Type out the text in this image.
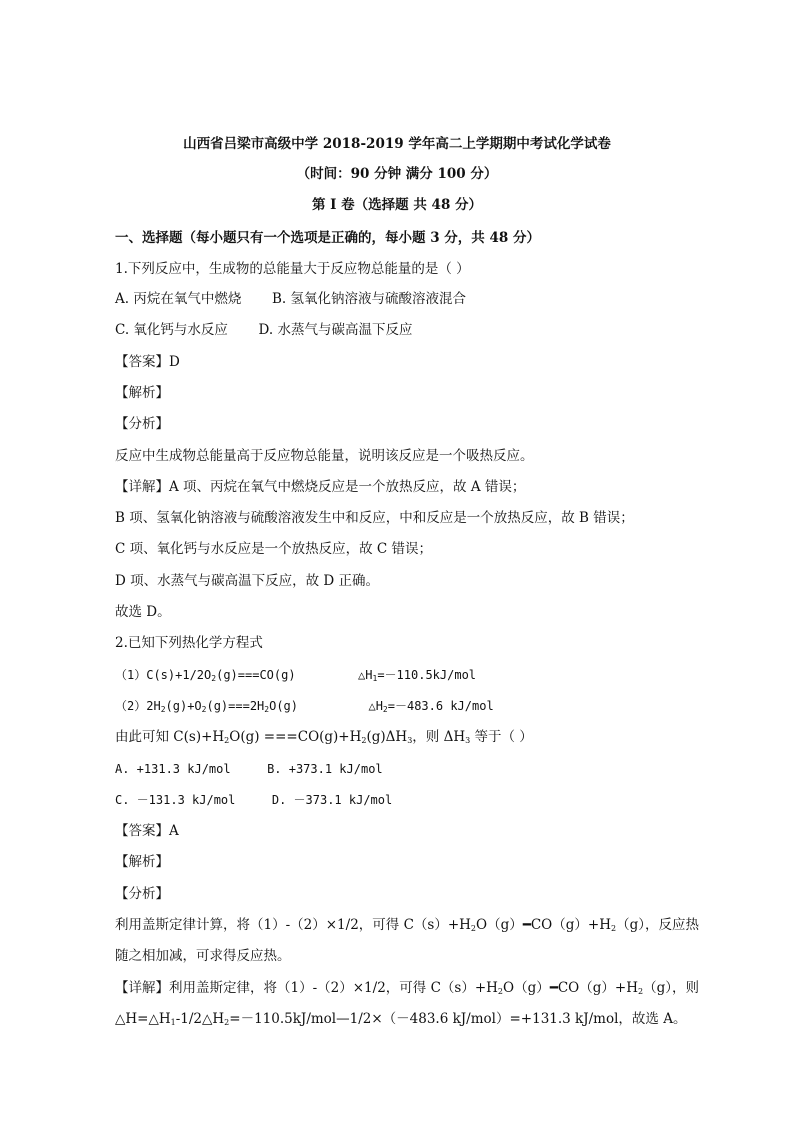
山西省吕梁市高级中学 2018-2019 学年高二上学期期中考试化学试卷
（时间：90 分钟 满分 100 分）
第 I 卷（选择题 共 48 分）
一、选择题（每小题只有一个选项是正确的，每小题 3 分，共 48 分）
1.下列反应中，生成物的总能量大于反应物总能量的是（ ）
A. 丙烷在氧气中燃烧 B. 氢氧化钠溶液与硫酸溶液混合
C. 氧化钙与水反应 D. 水蒸气与碳高温下反应
【答案】D
【解析】
【分析】
反应中生成物总能量高于反应物总能量，说明该反应是一个吸热反应。
【详解】A 项、丙烷在氧气中燃烧反应是一个放热反应，故 A 错误；
B 项、氢氧化钠溶液与硫酸溶液发生中和反应，中和反应是一个放热反应，故 B 错误；
C 项、氧化钙与水反应是一个放热反应，故 C 错误；
D 项、水蒸气与碳高温下反应，故 D 正确。
故选 D。
2.已知下列热化学方程式
$(1)C(s)+1/2O_2(g)===CO(g)$	$\triangle H_1=-110.5kJ$/mol
$(2)2H_2(g)+O_2(g)===2H_2O(g)$	$\triangle H_2=-483.6$ kJ/mol
由此可知 $C(s)+H_2O(g) ===CO(g)+H_2(g)\Delta H_3$，则 $\Delta H_3$ 等于（ ）
A. +131.3 kJ/mol	B. +373.1 kJ/mol
C. －131.3 kJ/mol	D. －373.1 kJ/mol
【答案】A
【解析】
【分析】
利用盖斯定律计算，将（1）-（2）×1/2，可得 $C(s)+H_2O(g)━CO(g)+H_2(g)$，反应热
随之相加减，可求得反应热。
【详解】利用盖斯定律，将（1）-（2）×1/2，可得 $C(s)+H_2O(g)━CO(g)+H_2(g)$，则
$\triangle H=\triangle H_1-1/2\triangle H_2=-110.5kJ/mol—1/2\times(-483.6$ kJ/mol）=+131.3 kJ/mol，故选 A。
